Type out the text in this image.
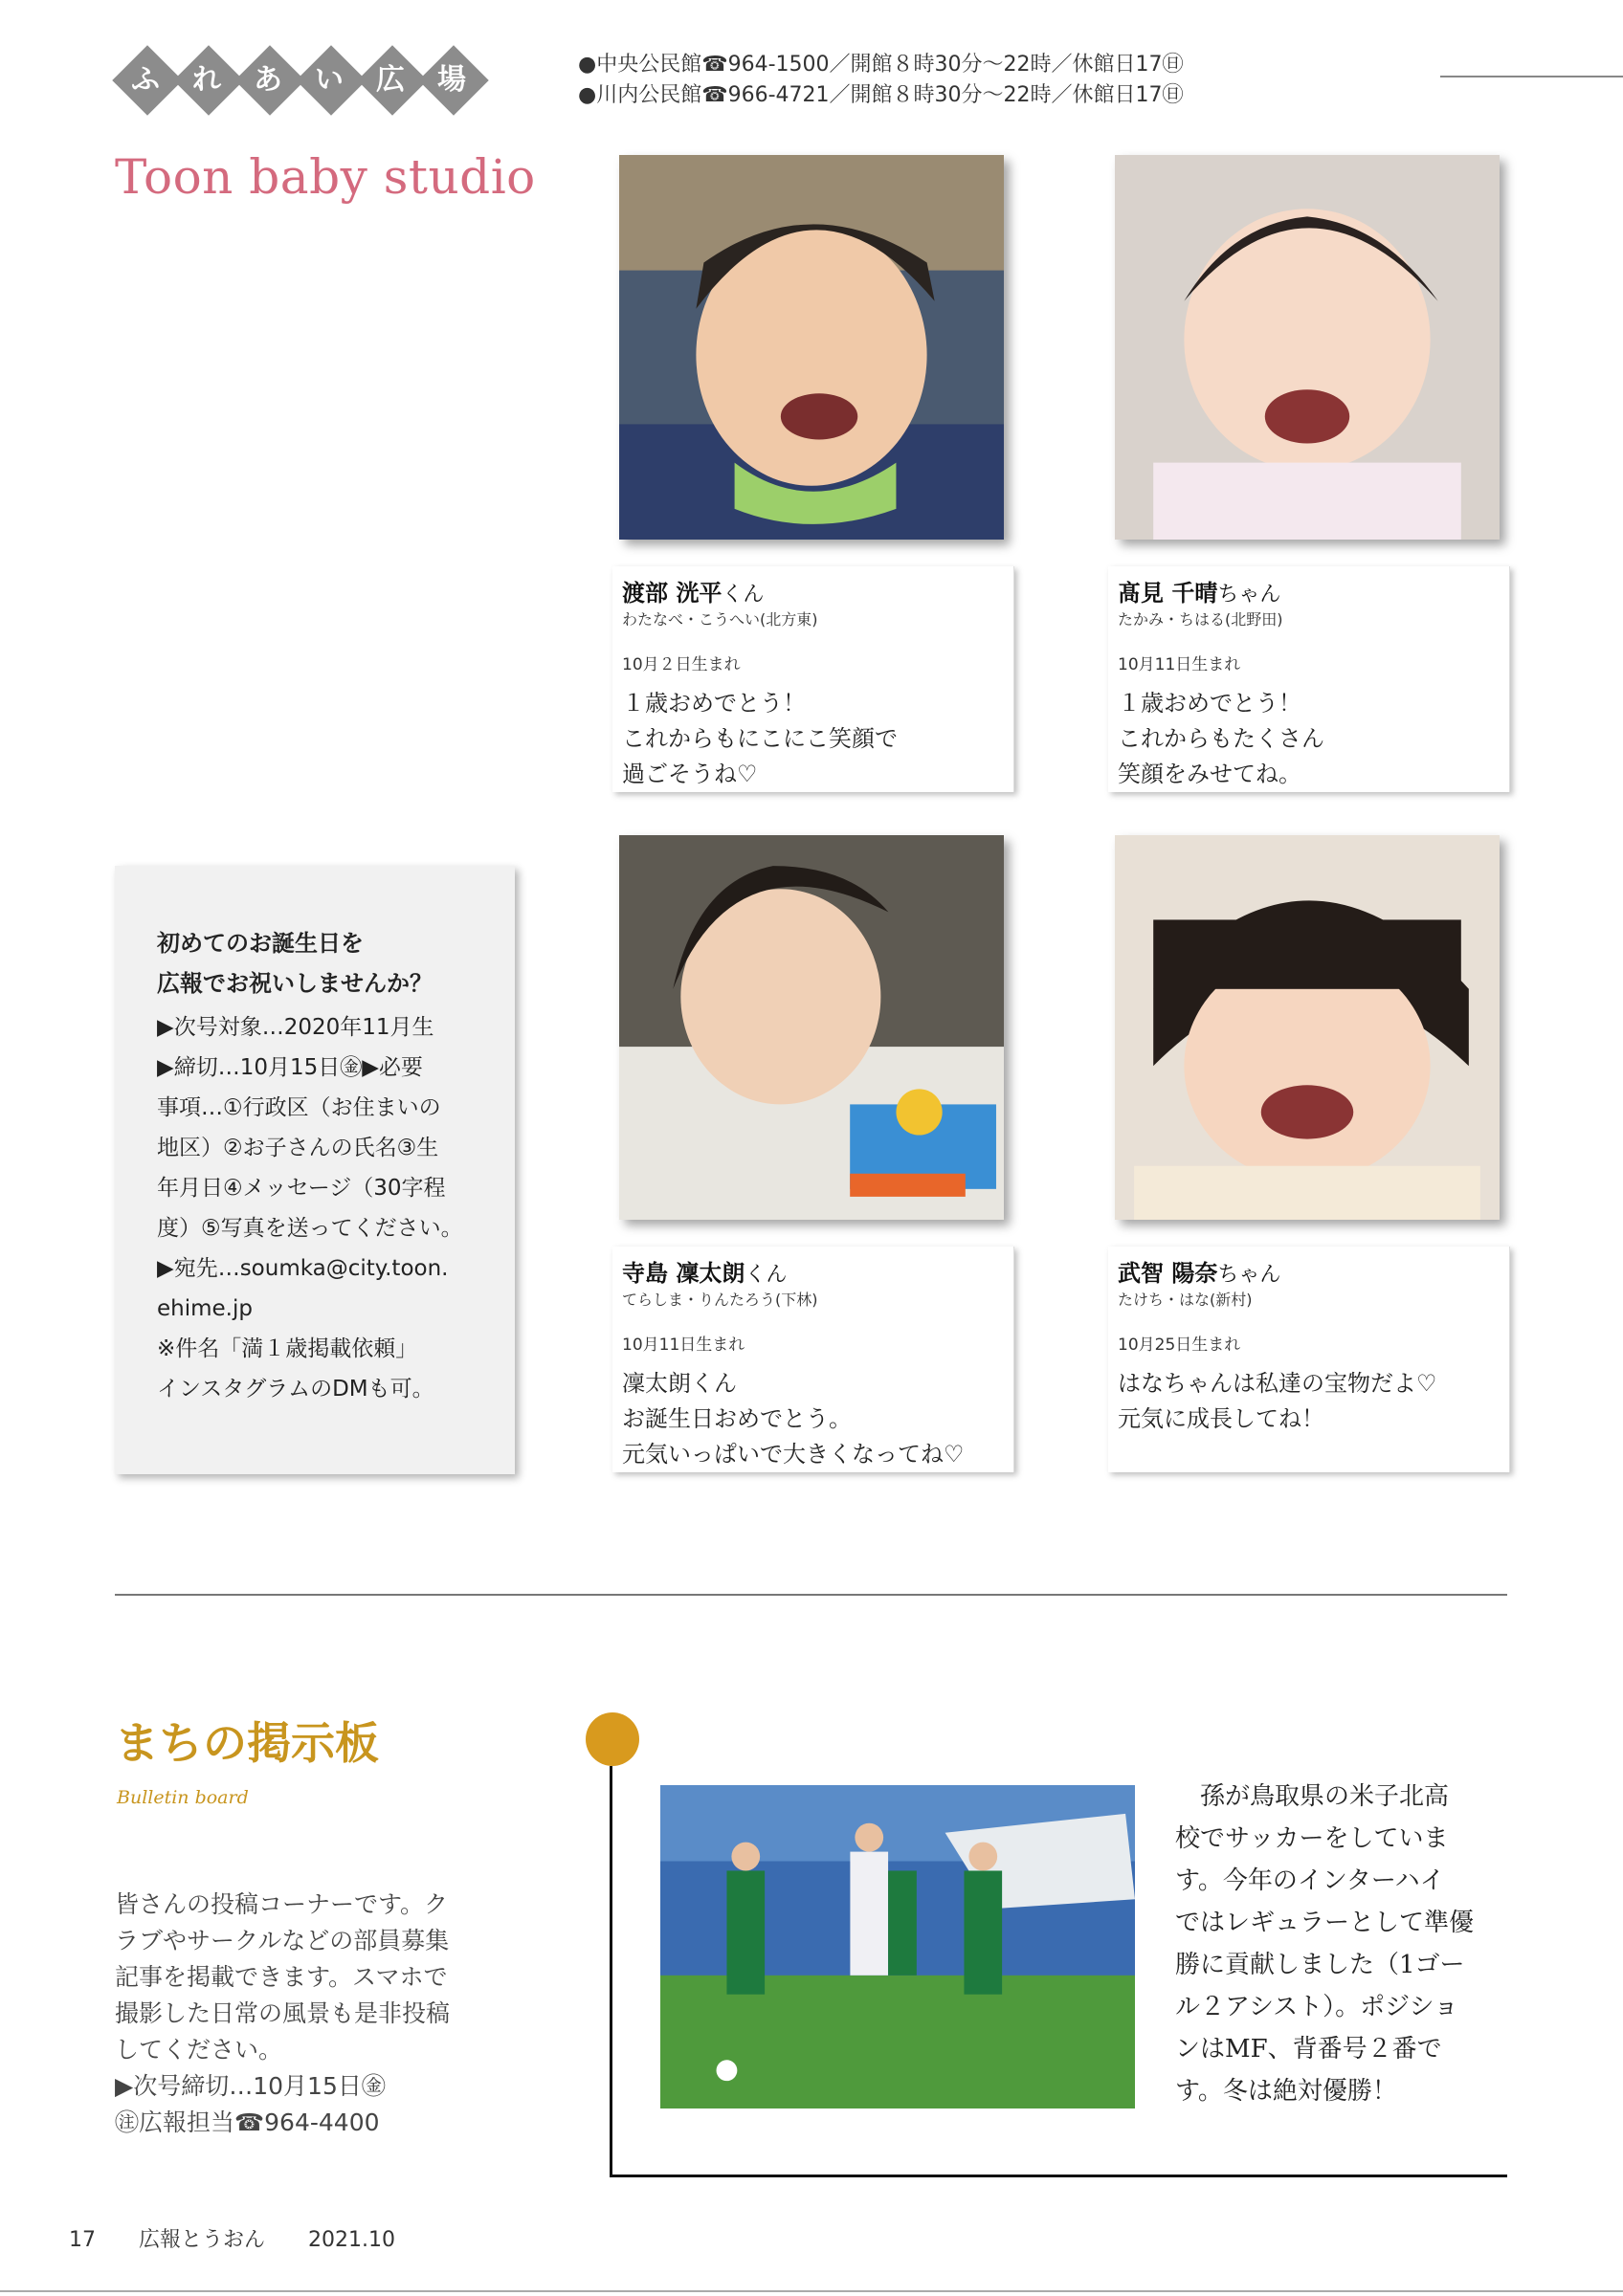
ふ	れ	あ	い	広	場	●中央公民館☎964-1500／開館８時30分～22時／休館日17㊐
●川内公民館☎966-4721／開館８時30分～22時／休館日17㊐
Toon baby studio
渡部 洸平くん
わたなべ・こうへい(北方東)
10月２日生まれ
１歳おめでとう！
これからもにこにこ笑顔で
過ごそうね♡
髙見 千晴ちゃん
たかみ・ちはる(北野田)
10月11日生まれ
１歳おめでとう！
これからもたくさん
笑顔をみせてね。
寺島 凜太朗くん
てらしま・りんたろう(下林)
10月11日生まれ
凜太朗くん
お誕生日おめでとう。
元気いっぱいで大きくなってね♡
武智 陽奈ちゃん
たけち・はな(新村)
10月25日生まれ
はなちゃんは私達の宝物だよ♡
元気に成長してね！
初めてのお誕生日を
広報でお祝いしませんか？
▶次号対象…2020年11月生
▶締切…10月15日㊎▶必要
事項…①行政区（お住まいの
地区）②お子さんの氏名③生
年月日④メッセージ（30字程
度）⑤写真を送ってください。
▶宛先…soumka@city.toon.
ehime.jp
※件名「満１歳掲載依頼」
インスタグラムのDMも可。
まちの掲示板
Bulletin board
皆さんの投稿コーナーです。ク
ラブやサークルなどの部員募集
記事を掲載できます。スマホで
撮影した日常の風景も是非投稿
してください。
▶次号締切…10月15日㊎
㊟広報担当☎964-4400
　孫が鳥取県の米子北高
校でサッカーをしていま
す。今年のインターハイ
ではレギュラーとして準優
勝に貢献しました（1ゴー
ル２アシスト）。ポジショ
ンはMF、背番号２番で
す。冬は絶対優勝！
17 広報とうおん 2021.10
